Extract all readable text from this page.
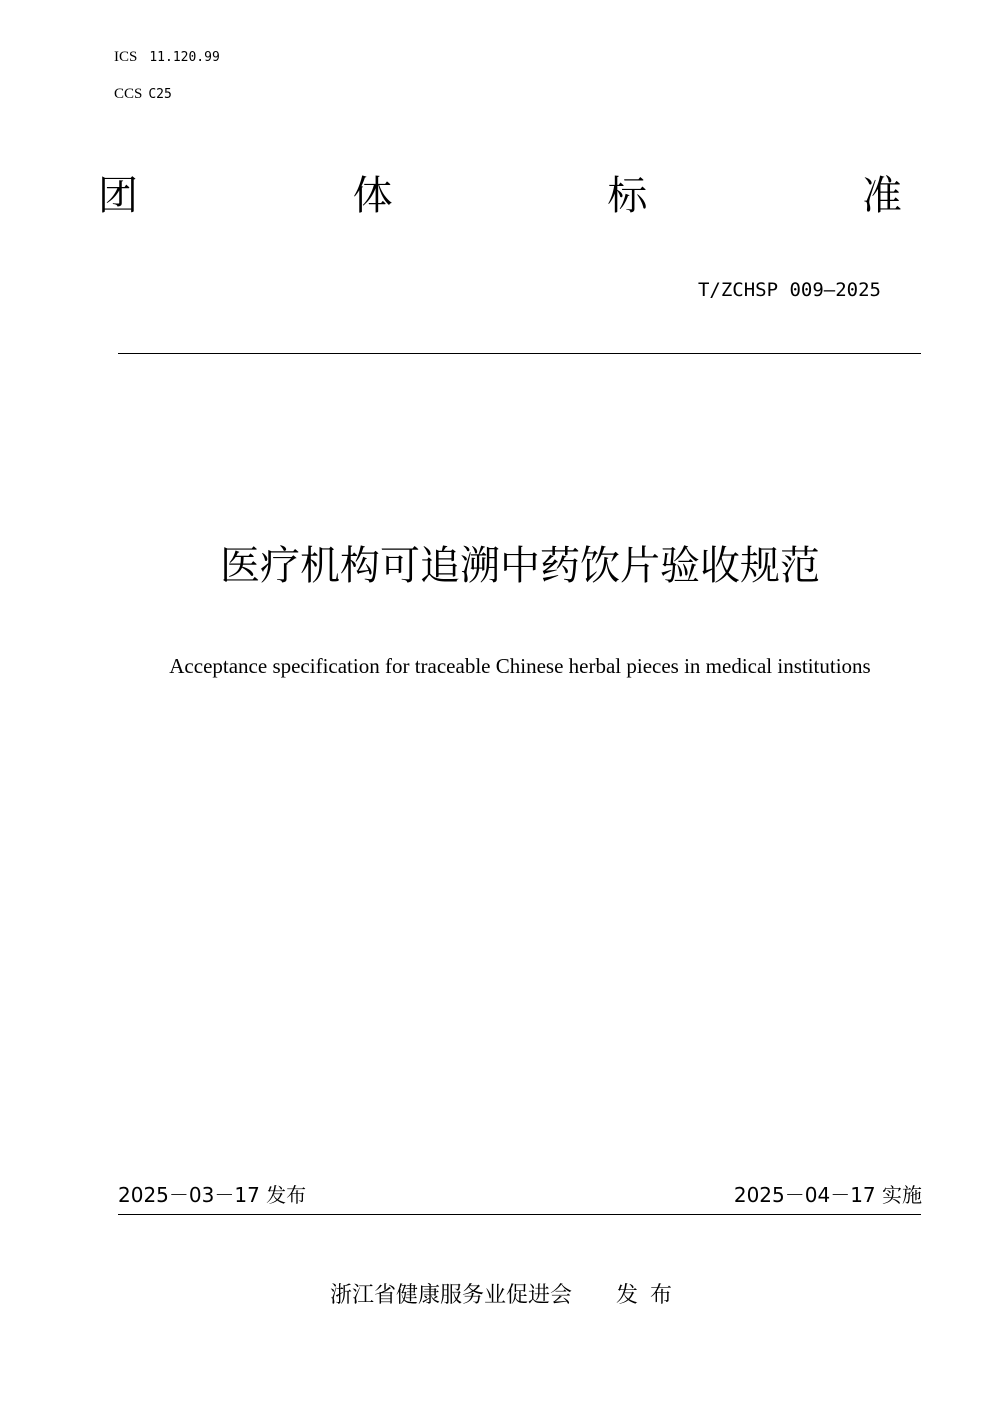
ICS 11.120.99
CCS C25
团	体	标	准
T/ZCHSP 009—2025
医疗机构可追溯中药饮片验收规范
Acceptance specification for traceable Chinese herbal pieces in medical institutions
2025－03－17 发布	2025－04－17 实施
浙江省健康服务业促进会 发布
